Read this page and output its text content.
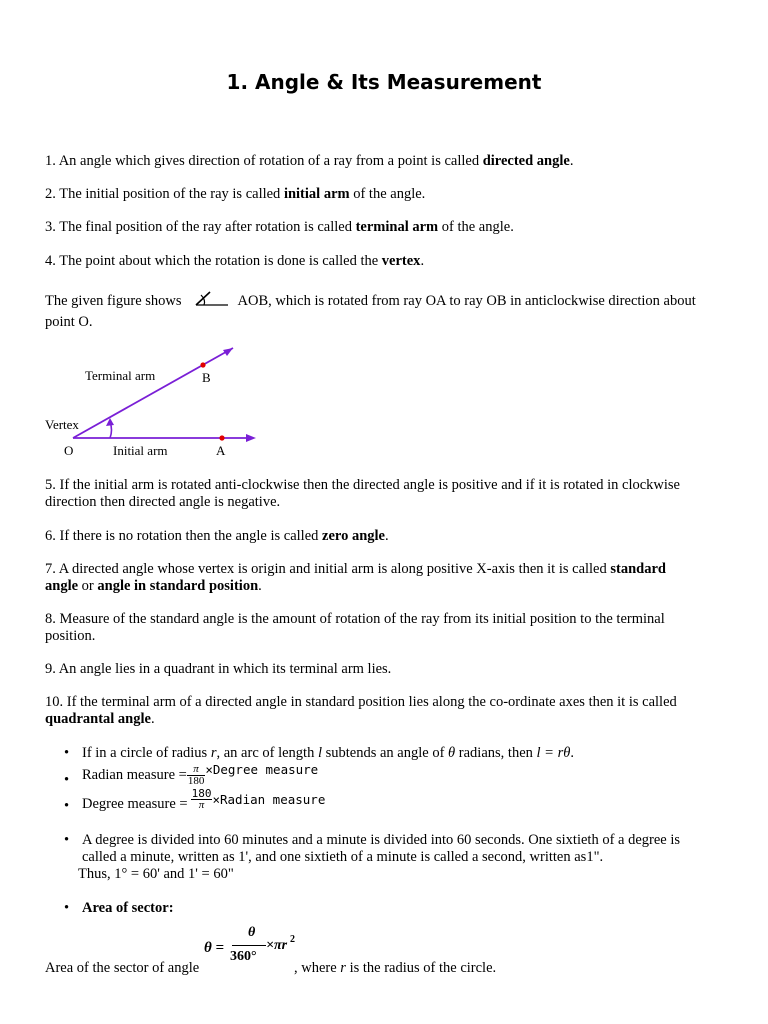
1. Angle & Its Measurement
1. An angle which gives direction of rotation of a ray from a point is called directed angle.
2. The initial position of the ray is called initial arm of the angle.
3. The final position of the ray after rotation is called terminal arm of the angle.
4. The point about which the rotation is done is called the vertex.
The given figure shows	AOB, which is rotated from ray OA to ray OB in anticlockwise direction about
point O.
Terminal arm	B
Vertex
O	Initial arm	A
5. If the initial arm is rotated anti-clockwise then the directed angle is positive and if it is rotated in clockwise
direction then directed angle is negative.
6. If there is no rotation then the angle is called zero angle.
7. A directed angle whose vertex is origin and initial arm is along positive X-axis then it is called standard
angle or angle in standard position.
8. Measure of the standard angle is the amount of rotation of the ray from its initial position to the terminal
position.
9. An angle lies in a quadrant in which its terminal arm lies.
10. If the terminal arm of a directed angle in standard position lies along the co-ordinate axes then it is called
quadrantal angle.
• If in a circle of radius r, an arc of length l subtends an angle of θ radians, then l = rθ.
• Radian measure = $\frac{\pi}{180}$ ×Degree measure
• Degree measure = $\frac{180}{\pi}$ ×Radian measure
• A degree is divided into 60 minutes and a minute is divided into 60 seconds. One sixtieth of a degree is
called a minute, written as 1', and one sixtieth of a minute is called a second, written as1".
Thus, 1° = 60' and 1' = 60"
• Area of sector:
θ =
θ
360°
×πr 2
Area of the sector of angle	, where r is the radius of the circle.
